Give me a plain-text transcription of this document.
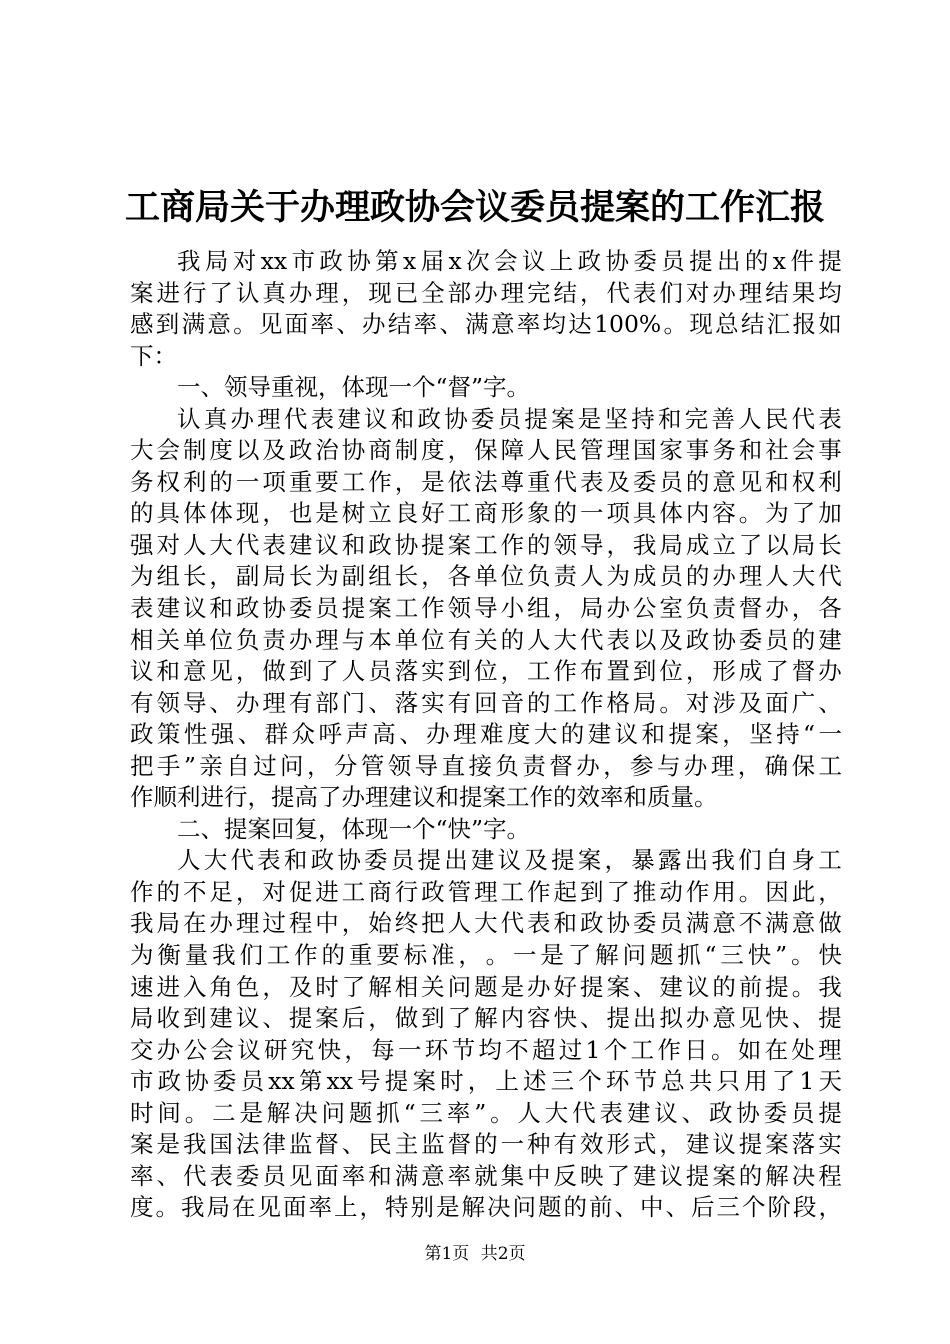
工商局关于办理政协会议委员提案的工作汇报
我 局 对 xx 市 政 协 第 x 届 x 次 会 议 上 政 协 委 员 提 出 的 x 件 提
案 进 行 了 认 真 办 理 ， 现 已 全 部 办 理 完 结 ， 代 表 们 对 办 理 结 果 均
感 到 满 意 。 见 面 率 、 办 结 率 、 满 意 率 均 达 100% 。 现 总 结 汇 报 如
下 ：
一 、 领 导 重 视 ， 体 现 一 个 “ 督 ” 字 。
认 真 办 理 代 表 建 议 和 政 协 委 员 提 案 是 坚 持 和 完 善 人 民 代 表
大 会 制 度 以 及 政 治 协 商 制 度 ， 保 障 人 民 管 理 国 家 事 务 和 社 会 事
务 权 利 的 一 项 重 要 工 作 ， 是 依 法 尊 重 代 表 及 委 员 的 意 见 和 权 利
的 具 体 体 现 ， 也 是 树 立 良 好 工 商 形 象 的 一 项 具 体 内 容 。 为 了 加
强 对 人 大 代 表 建 议 和 政 协 提 案 工 作 的 领 导 ， 我 局 成 立 了 以 局 长
为 组 长 ， 副 局 长 为 副 组 长 ， 各 单 位 负 责 人 为 成 员 的 办 理 人 大 代
表 建 议 和 政 协 委 员 提 案 工 作 领 导 小 组 ， 局 办 公 室 负 责 督 办 ， 各
相 关 单 位 负 责 办 理 与 本 单 位 有 关 的 人 大 代 表 以 及 政 协 委 员 的 建
议 和 意 见 ， 做 到 了 人 员 落 实 到 位 ， 工 作 布 置 到 位 ， 形 成 了 督 办
有 领 导 、 办 理 有 部 门 、 落 实 有 回 音 的 工 作 格 局 。 对 涉 及 面 广 、
政 策 性 强 、 群 众 呼 声 高 、 办 理 难 度 大 的 建 议 和 提 案 ， 坚 持 “ 一
把 手 ” 亲 自 过 问 ， 分 管 领 导 直 接 负 责 督 办 ， 参 与 办 理 ， 确 保 工
作 顺 利 进 行 ， 提 高 了 办 理 建 议 和 提 案 工 作 的 效 率 和 质 量 。
二 、 提 案 回 复 ， 体 现 一 个 “ 快 ” 字 。
人 大 代 表 和 政 协 委 员 提 出 建 议 及 提 案 ， 暴 露 出 我 们 自 身 工
作 的 不 足 ， 对 促 进 工 商 行 政 管 理 工 作 起 到 了 推 动 作 用 。 因 此 ，
我 局 在 办 理 过 程 中 ， 始 终 把 人 大 代 表 和 政 协 委 员 满 意 不 满 意 做
为 衡 量 我 们 工 作 的 重 要 标 准 ， 。 一 是 了 解 问 题 抓 “ 三 快 ” 。 快
速 进 入 角 色 ， 及 时 了 解 相 关 问 题 是 办 好 提 案 、 建 议 的 前 提 。 我
局 收 到 建 议 、 提 案 后 ， 做 到 了 解 内 容 快 、 提 出 拟 办 意 见 快 、 提
交 办 公 会 议 研 究 快 ， 每 一 环 节 均 不 超 过 1 个 工 作 日 。 如 在 处 理
市 政 协 委 员 xx 第 xx 号 提 案 时 ， 上 述 三 个 环 节 总 共 只 用 了 1 天
时 间 。 二 是 解 决 问 题 抓 “ 三 率 ” 。 人 大 代 表 建 议 、 政 协 委 员 提
案 是 我 国 法 律 监 督 、 民 主 监 督 的 一 种 有 效 形 式 ， 建 议 提 案 落 实
率 、 代 表 委 员 见 面 率 和 满 意 率 就 集 中 反 映 了 建 议 提 案 的 解 决 程
度 。 我 局 在 见 面 率 上 ， 特 别 是 解 决 问 题 的 前 、 中 、 后 三 个 阶 段 ，
第1页 共2页
